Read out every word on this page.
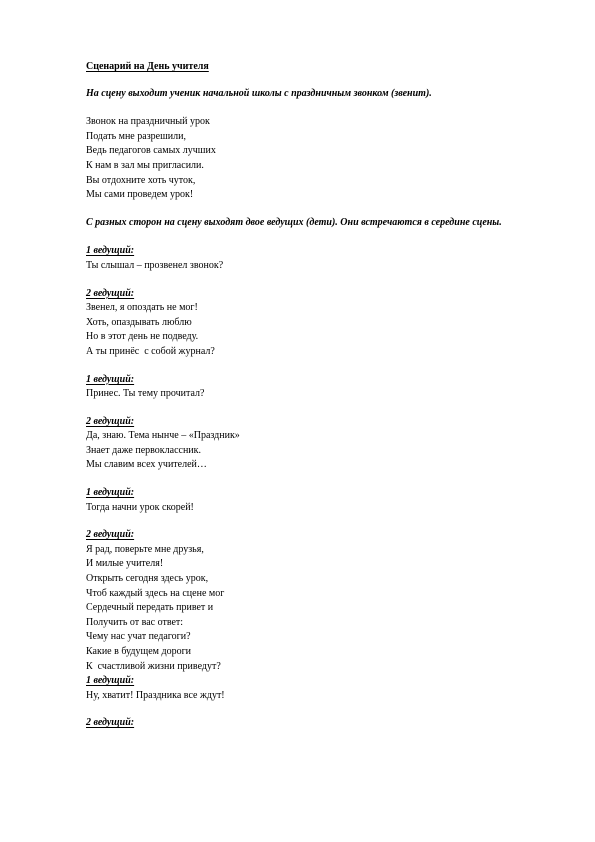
Сценарий на День учителя
На сцену выходит ученик начальной школы с праздничным звонком (звенит).
Звонок на праздничный урок
Подать мне разрешили,
Ведь педагогов самых лучших
К нам в зал мы пригласили.
Вы отдохните хоть чуток,
Мы сами проведем урок!
С разных сторон на сцену выходят двое ведущих (дети). Они встречаются в середине сцены.
1 ведущий:
Ты слышал – прозвенел звонок?
2 ведущий:
Звенел, я опоздать не мог!
Хоть, опаздывать люблю
Но в этот день не подведу.
А ты принёс  с собой журнал?
1 ведущий:
Принес. Ты тему прочитал?
2 ведущий:
Да, знаю. Тема нынче – «Праздник»
Знает даже первоклассник.
Мы славим всех учителей…
1 ведущий:
Тогда начни урок скорей!
2 ведущий:
Я рад, поверьте мне друзья,
И милые учителя!
Открыть сегодня здесь урок,
Чтоб каждый здесь на сцене мог
Сердечный передать привет и
Получить от вас ответ:
Чему нас учат педагоги?
Какие в будущем дороги
К  счастливой жизни приведут?
1 ведущий:
Ну, хватит! Праздника все ждут!
2 ведущий:
